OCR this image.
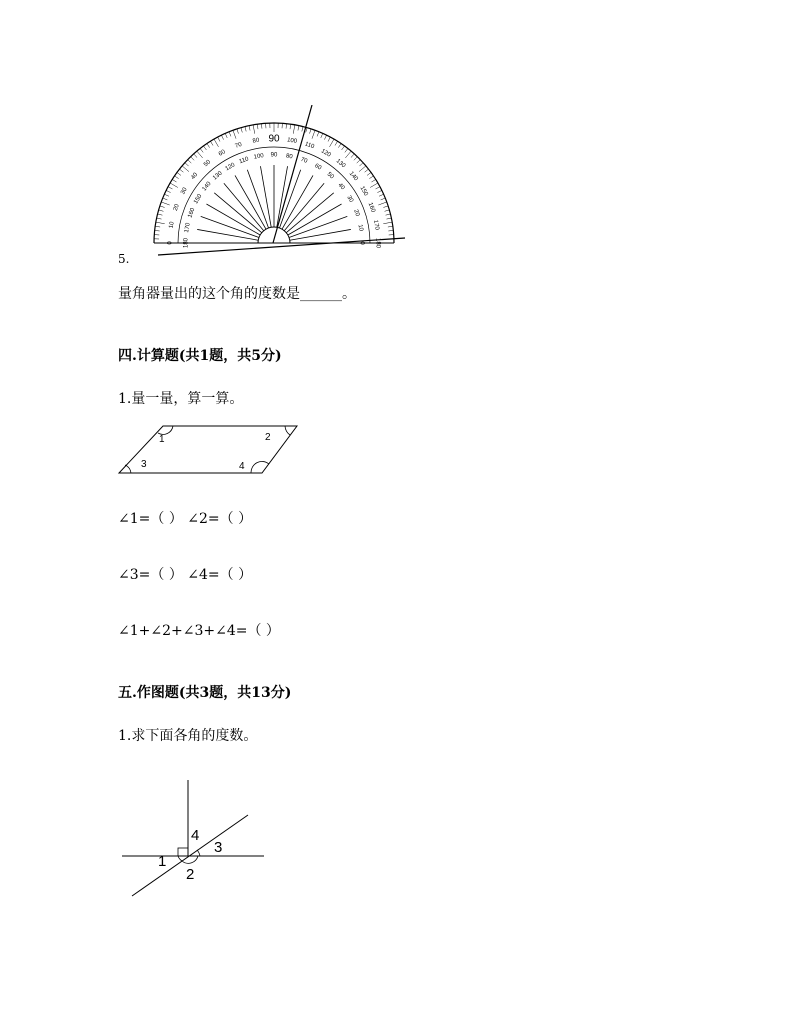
0
10
20
30
40
50
60
70
80 90 100
110
120
130
140
150
160
170
180
180
170
160
150
140
130
120
110 100 90 80 70
60
50
40
30
20
10
0
5.
量角器量出的这个角的度数是______。
四.计算题(共1题，共5分)
1.量一量，算一算。
1	2
3	4
∠1=（ ） ∠2=（ ）
∠3=（ ） ∠4=（ ）
∠1+∠2+∠3+∠4=（ ）
五.作图题(共3题，共13分)
1.求下面各角的度数。
1
2
3
4
